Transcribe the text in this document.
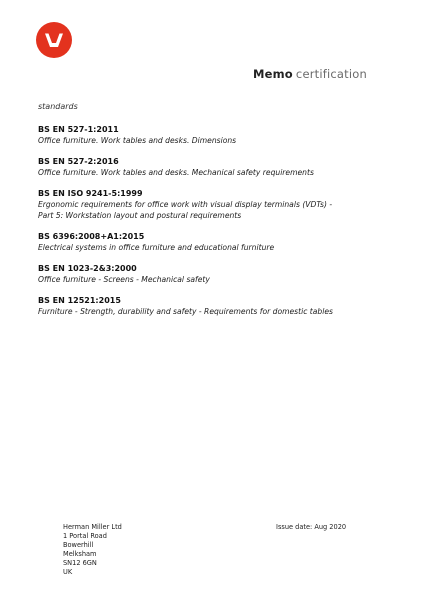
Memo certification
standards
BS EN 527-1:2011
Office furniture. Work tables and desks. Dimensions
BS EN 527-2:2016
Office furniture. Work tables and desks. Mechanical safety requirements
BS EN ISO 9241-5:1999
Ergonomic requirements for office work with visual display terminals (VDTs) - Part 5: Workstation layout and postural requirements
BS 6396:2008+A1:2015
Electrical systems in office furniture and educational furniture
BS EN 1023-2&3:2000
Office furniture - Screens - Mechanical safety
BS EN 12521:2015
Furniture - Strength, durability and safety - Requirements for domestic tables
Herman Miller Ltd
1 Portal Road
Bowerhill
Melksham
SN12 6GN
UK
Issue date: Aug 2020
